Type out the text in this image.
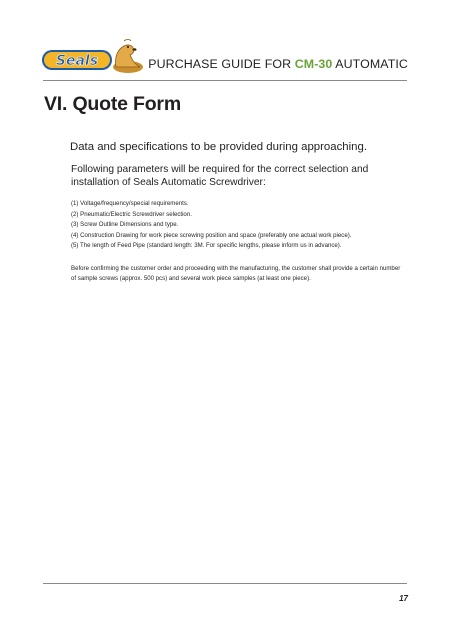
Seals	PURCHASE GUIDE FOR CM-30 AUTOMATIC
VI. Quote Form
Data and specifications to be provided during approaching.
Following parameters will be required for the correct selection and installation of Seals Automatic Screwdriver:
(1) Voltage/frequency/special requirements.
(2) Pneumatic/Electric Screwdriver selection.
(3) Screw Outline Dimensions and type.
(4) Construction Drawing for work piece screwing position and space (preferably one actual work piece).
(5) The length of Feed Pipe (standard length: 3M. For specific lengths, please inform us in advance).
Before confirming the customer order and proceeding with the manufacturing, the customer shall provide a certain number of sample screws (approx. 500 pcs) and several work piece samples (at least one piece).
17
